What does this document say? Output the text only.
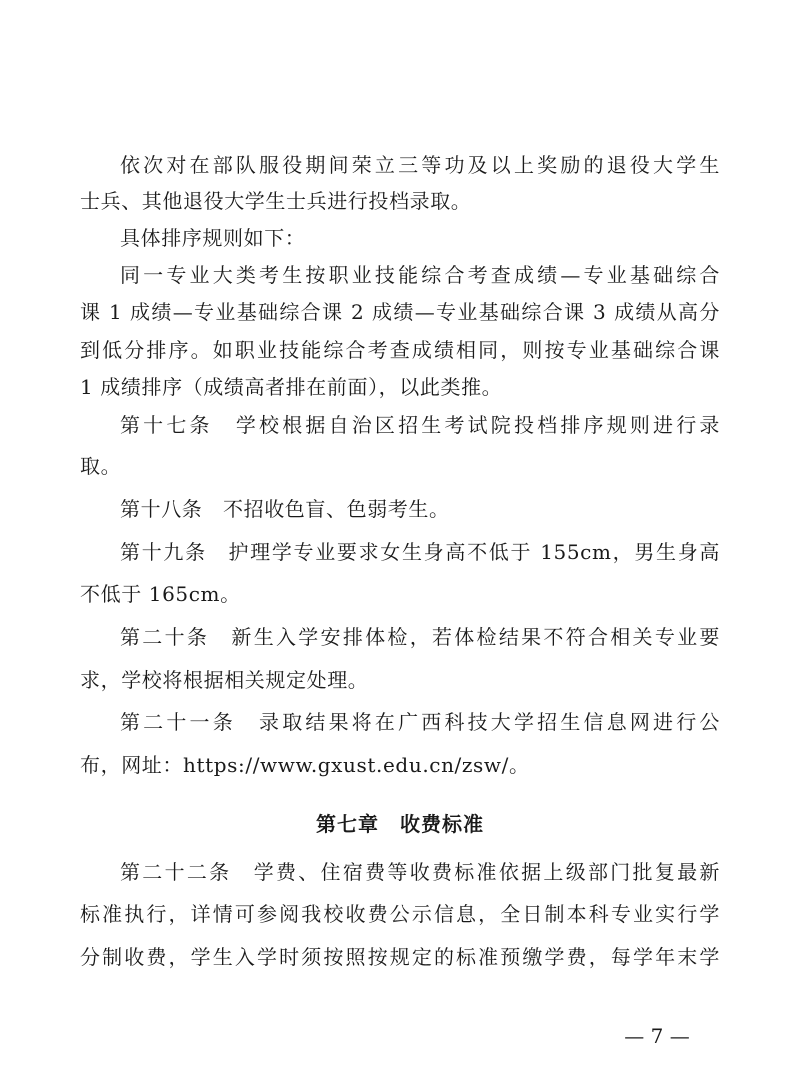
依次对在部队服役期间荣立三等功及以上奖励的退役大学生
士兵、其他退役大学生士兵进行投档录取。
具体排序规则如下：
同一专业大类考生按职业技能综合考查成绩—专业基础综合
课 1 成绩—专业基础综合课 2 成绩—专业基础综合课 3 成绩从高分
到低分排序。如职业技能综合考查成绩相同，则按专业基础综合课
1 成绩排序（成绩高者排在前面），以此类推。
第十七条　学校根据自治区招生考试院投档排序规则进行录
取。
第十八条　不招收色盲、色弱考生。
第十九条　护理学专业要求女生身高不低于 155cm，男生身高
不低于 165cm。
第二十条　新生入学安排体检，若体检结果不符合相关专业要
求，学校将根据相关规定处理。
第二十一条　录取结果将在广西科技大学招生信息网进行公
布，网址：https://www.gxust.edu.cn/zsw/。
第七章　收费标准
第二十二条　学费、住宿费等收费标准依据上级部门批复最新
标准执行，详情可参阅我校收费公示信息，全日制本科专业实行学
分制收费，学生入学时须按照按规定的标准预缴学费，每学年末学
— 7 —
